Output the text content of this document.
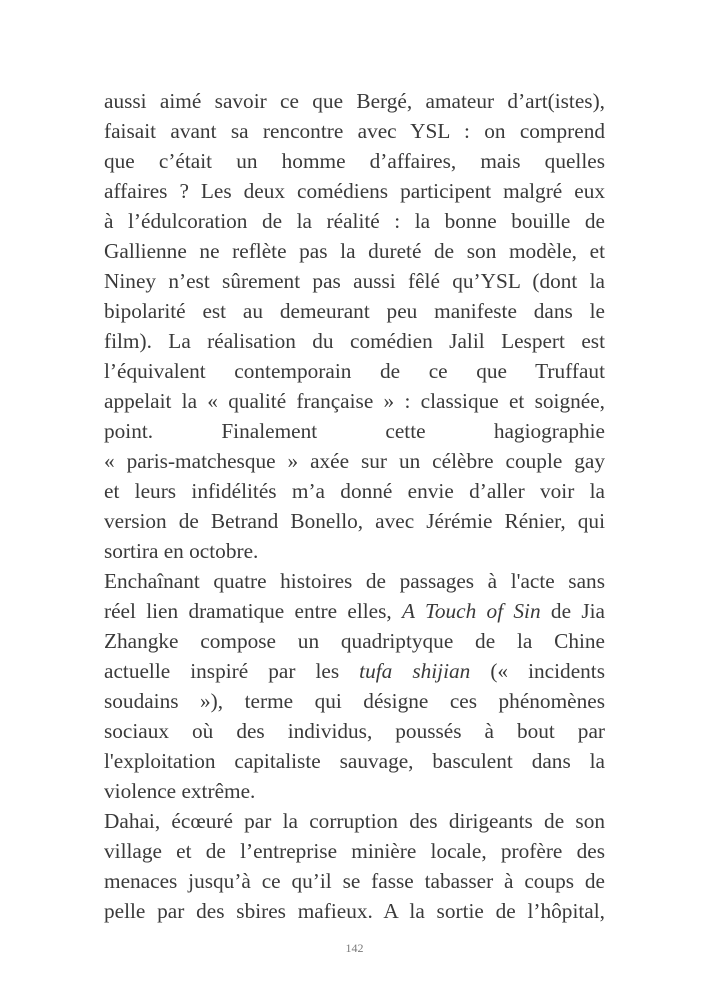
aussi aimé savoir ce que Bergé, amateur d’art(istes),
faisait avant sa rencontre avec YSL : on comprend
que c’était un homme d’affaires, mais quelles
affaires ? Les deux comédiens participent malgré eux
à l’édulcoration de la réalité : la bonne bouille de
Gallienne ne reflète pas la dureté de son modèle, et
Niney n’est sûrement pas aussi fêlé qu’YSL (dont la
bipolarité est au demeurant peu manifeste dans le
film). La réalisation du comédien Jalil Lespert est
l’équivalent contemporain de ce que Truffaut
appelait la « qualité française » : classique et soignée,
point. Finalement cette hagiographie
« paris-matchesque » axée sur un célèbre couple gay
et leurs infidélités m’a donné envie d’aller voir la
version de Betrand Bonello, avec Jérémie Rénier, qui
sortira en octobre.
Enchaînant quatre histoires de passages à l'acte sans
réel lien dramatique entre elles, A Touch of Sin de Jia
Zhangke compose un quadriptyque de la Chine
actuelle inspiré par les tufa shijian (« incidents
soudains »), terme qui désigne ces phénomènes
sociaux où des individus, poussés à bout par
l'exploitation capitaliste sauvage, basculent dans la
violence extrême.
Dahai, écœuré par la corruption des dirigeants de son
village et de l’entreprise minière locale, profère des
menaces jusqu’à ce qu’il se fasse tabasser à coups de
pelle par des sbires mafieux. A la sortie de l’hôpital,
142
